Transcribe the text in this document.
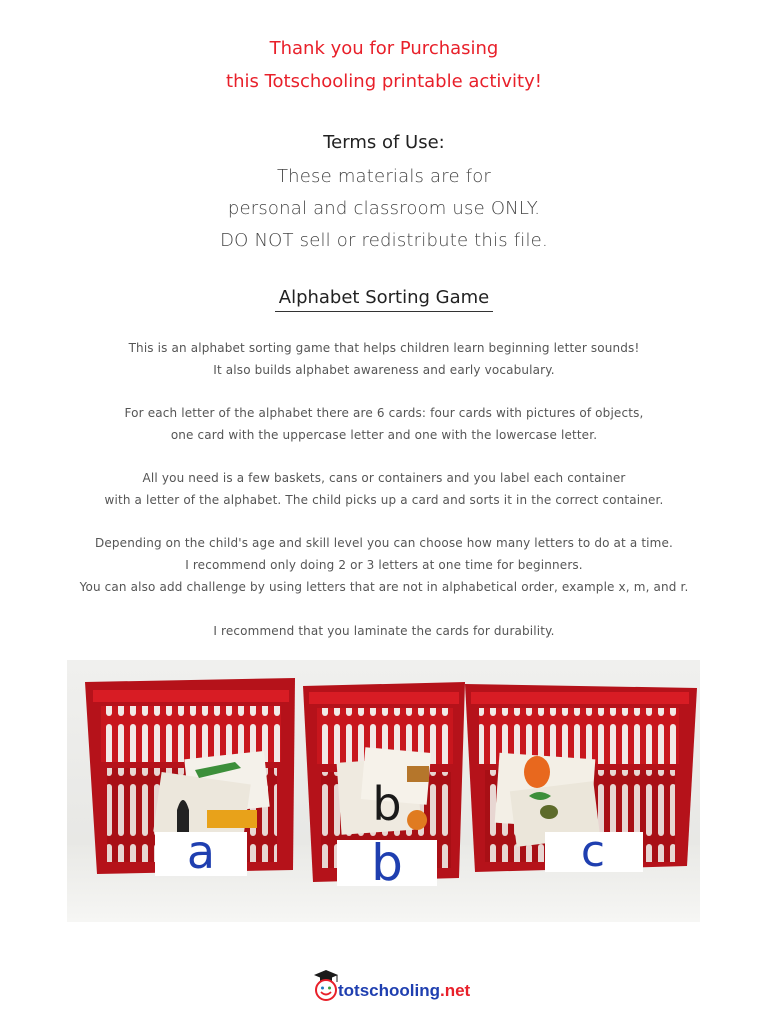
Thank you for Purchasing
this Totschooling printable activity!
Terms of Use:
These materials are for
personal and classroom use ONLY.
DO NOT sell or redistribute this file.
Alphabet Sorting Game
This is an alphabet sorting game that helps children learn beginning letter sounds!
It also builds alphabet awareness and early vocabulary.
For each letter of the alphabet there are 6 cards: four cards with pictures of objects,
one card with the uppercase letter and one with the lowercase letter.
All you need is a few baskets, cans or containers and you label each container
with a letter of the alphabet. The child picks up a card and sorts it in the correct container.
Depending on the child's age and skill level you can choose how many letters to do at a time.
I recommend only doing 2 or 3 letters at one time for beginners.
You can also add challenge by using letters that are not in alphabetical order, example x, m, and r.
I recommend that you laminate the cards for durability.
a
b
b	c
totschooling.net
